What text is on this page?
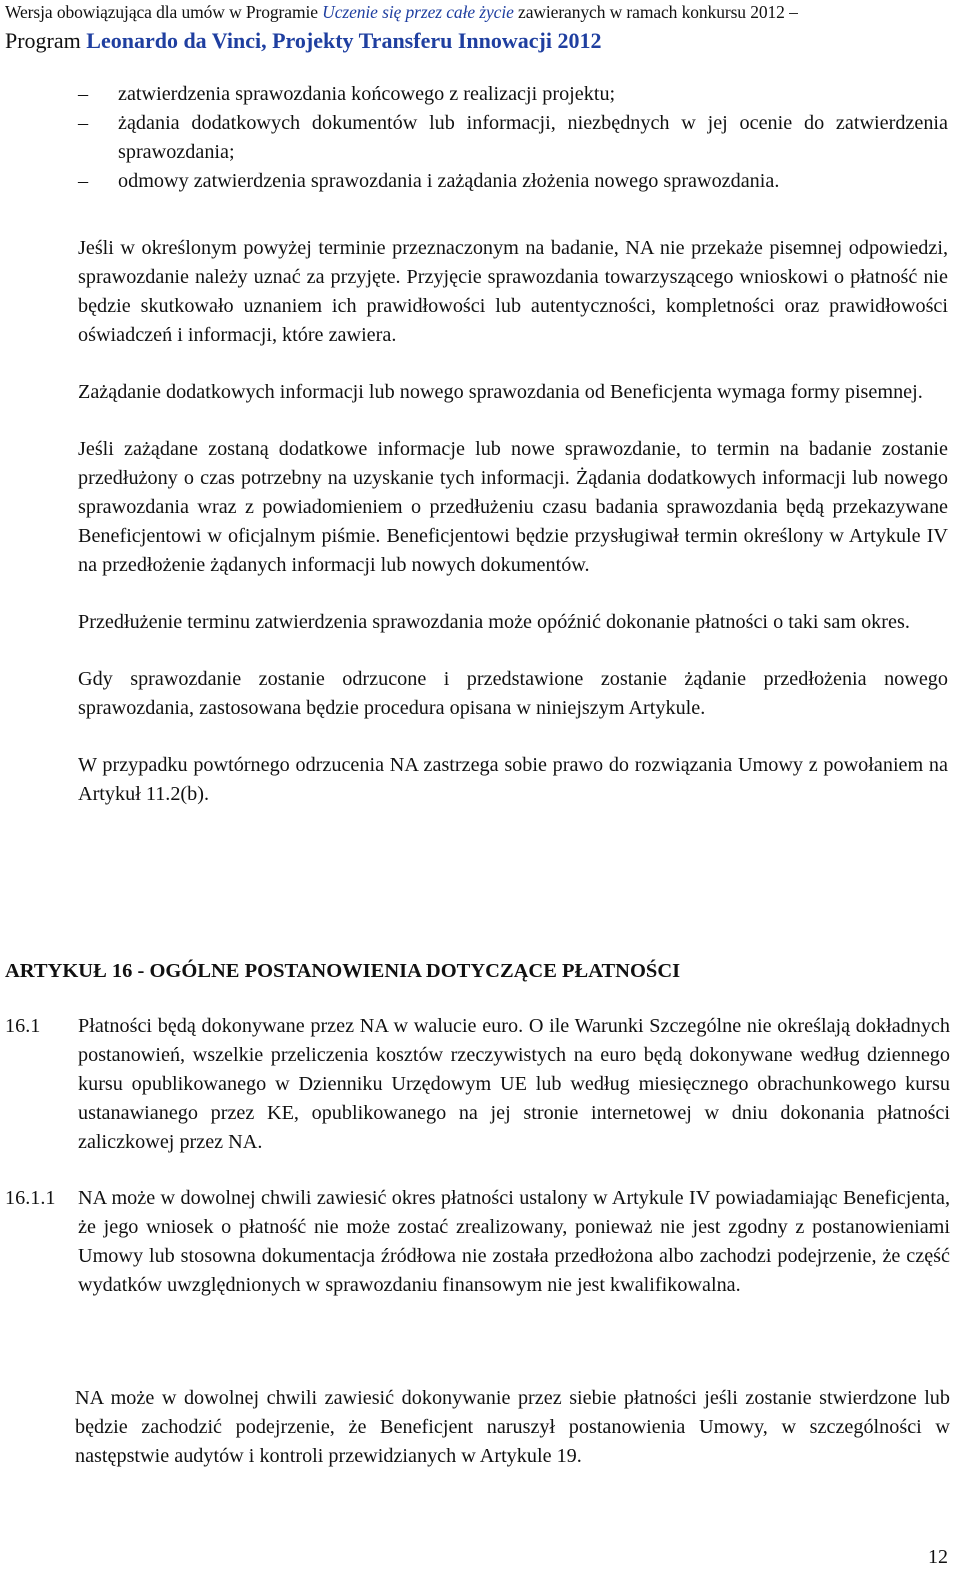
Wersja obowiązująca dla umów w Programie Uczenie się przez całe życie zawieranych w ramach konkursu 2012 –
Program Leonardo da Vinci, Projekty Transferu Innowacji 2012
– zatwierdzenia sprawozdania końcowego z realizacji projektu;
– żądania dodatkowych dokumentów lub informacji, niezbędnych w jej ocenie do zatwierdzenia sprawozdania;
– odmowy zatwierdzenia sprawozdania i zażądania złożenia nowego sprawozdania.

Jeśli w określonym powyżej terminie przeznaczonym na badanie, NA nie przekaże pisemnej odpowiedzi, sprawozdanie należy uznać za przyjęte. Przyjęcie sprawozdania towarzyszącego wnioskowi o płatność nie będzie skutkowało uznaniem ich prawidłowości lub autentyczności, kompletności oraz prawidłowości oświadczeń i informacji, które zawiera.

Zażądanie dodatkowych informacji lub nowego sprawozdania od Beneficjenta wymaga formy pisemnej.

Jeśli zażądane zostaną dodatkowe informacje lub nowe sprawozdanie, to termin na badanie zostanie przedłużony o czas potrzebny na uzyskanie tych informacji. Żądania dodatkowych informacji lub nowego sprawozdania wraz z powiadomieniem o przedłużeniu czasu badania sprawozdania będą przekazywane Beneficjentowi w oficjalnym piśmie. Beneficjentowi będzie przysługiwał termin określony w Artykule IV na przedłożenie żądanych informacji lub nowych dokumentów.

Przedłużenie terminu zatwierdzenia sprawozdania może opóźnić dokonanie płatności o taki sam okres.

Gdy sprawozdanie zostanie odrzucone i przedstawione zostanie żądanie przedłożenia nowego sprawozdania, zastosowana będzie procedura opisana w niniejszym Artykule.

W przypadku powtórnego odrzucenia NA zastrzega sobie prawo do rozwiązania Umowy z powołaniem na Artykuł 11.2(b).

ARTYKUŁ 16 - OGÓLNE POSTANOWIENIA DOTYCZĄCE PŁATNOŚCI
16.1	Płatności będą dokonywane przez NA w walucie euro. O ile Warunki Szczególne nie określają dokładnych postanowień, wszelkie przeliczenia kosztów rzeczywistych na euro będą dokonywane według dziennego kursu opublikowanego w Dzienniku Urzędowym UE lub według miesięcznego obrachunkowego kursu ustanawianego przez KE, opublikowanego na jej stronie internetowej w dniu dokonania płatności zaliczkowej przez NA.

16.1.1	NA może w dowolnej chwili zawiesić okres płatności ustalony w Artykule IV powiadamiając Beneficjenta, że jego wniosek o płatność nie może zostać zrealizowany, ponieważ nie jest zgodny z postanowieniami Umowy lub stosowna dokumentacja źródłowa nie została przedłożona albo zachodzi podejrzenie, że część wydatków uwzględnionych w sprawozdaniu finansowym nie jest kwalifikowalna.

NA może w dowolnej chwili zawiesić dokonywanie przez siebie płatności jeśli zostanie stwierdzone lub będzie zachodzić podejrzenie, że Beneficjent naruszył postanowienia Umowy, w szczególności w następstwie audytów i kontroli przewidzianych w Artykule 19.

12
